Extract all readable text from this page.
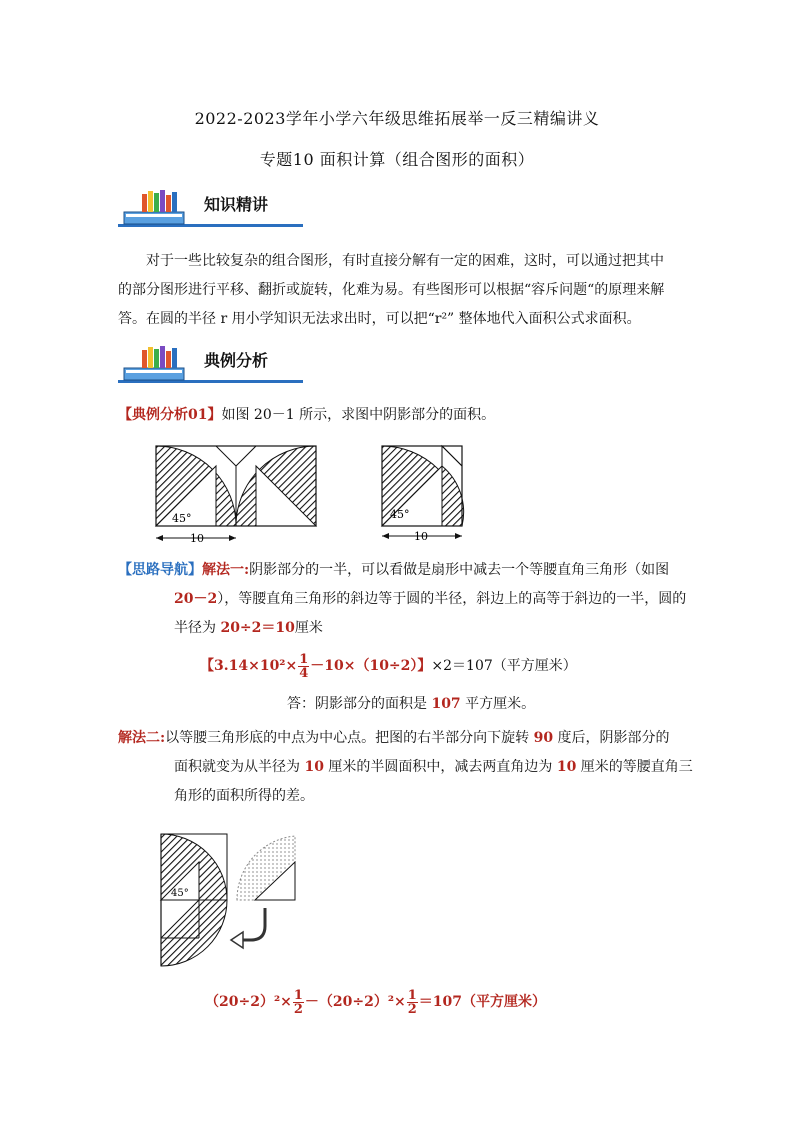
2022-2023学年小学六年级思维拓展举一反三精编讲义
专题10 面积计算（组合图形的面积）
知识精讲
对于一些比较复杂的组合图形，有时直接分解有一定的困难，这时，可以通过把其中
的部分图形进行平移、翻折或旋转，化难为易。有些图形可以根据“容斥问题“的原理来解
答。在圆的半径 r 用小学知识无法求出时，可以把“r²” 整体地代入面积公式求面积。
典例分析
【典例分析01】如图 20－1 所示，求图中阴影部分的面积。
45°
10
45°
10
【思路导航】解法一:阴影部分的一半，可以看做是扇形中减去一个等腰直角三角形（如图
20－2），等腰直角三角形的斜边等于圆的半径，斜边上的高等于斜边的一半，圆的
半径为 20÷2＝10厘米
【$3.14\times 10^2\times \frac{1}{4} -10\times(10\div 2)$】×2＝107（平方厘米）
答：阴影部分的面积是 107 平方厘米。
解法二:以等腰三角形底的中点为中心点。把图的右半部分向下旋转 90 度后，阴影部分的
面积就变为从半径为 10 厘米的半圆面积中，减去两直角边为 10 厘米的等腰直角三
角形的面积所得的差。
45°
$(20\div 2)^2\times \frac{1}{2} -(20\div 2)^2\times \frac{1}{2} =107$（平方厘米）
